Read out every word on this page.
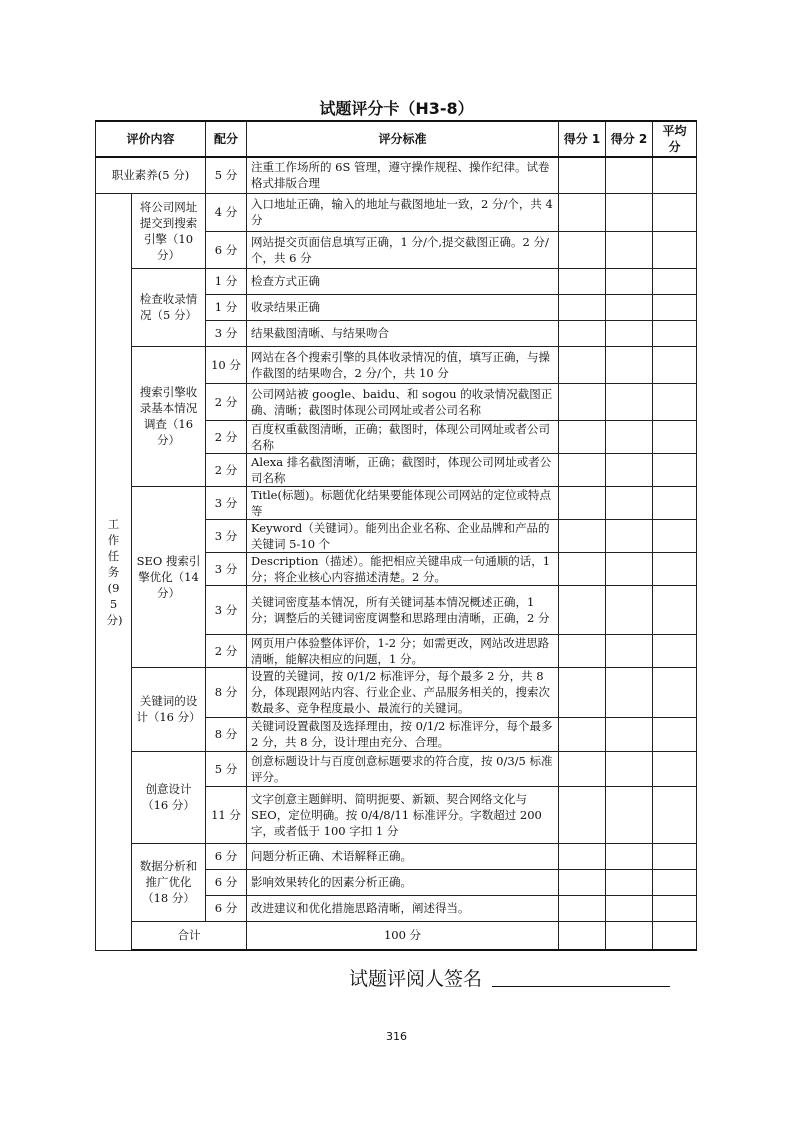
试题评分卡（H3-8）
评价内容		配分	评分标准	得分 1	得分 2	平均分	
职业素养(5 分)		5 分	注重工作场所的 6S 管理，遵守操作规程、操作纪律。试卷格式排版合理				
工作任务(95分)	将公司网址提交到搜索引擎（10 分）	4 分	入口地址正确，输入的地址与截图地址一致，2 分/个，共 4 分				
		6 分	网站提交页面信息填写正确，1 分/个,提交截图正确。2 分/个，共 6 分				
	检查收录情况（5 分）	1 分	检查方式正确				
		1 分	收录结果正确				
		3 分	结果截图清晰、与结果吻合				
	搜索引擎收录基本情况调查（16 分）	10 分	网站在各个搜索引擎的具体收录情况的值，填写正确，与操作截图的结果吻合，2 分/个，共 10 分				
		2 分	公司网站被 google、baidu、和 sogou 的收录情况截图正确、清晰；截图时体现公司网址或者公司名称				
		2 分	百度权重截图清晰，正确；截图时，体现公司网址或者公司名称				
		2 分	Alexa 排名截图清晰，正确；截图时，体现公司网址或者公司名称				
	SEO 搜索引擎优化（14 分）	3 分	Title(标题)。标题优化结果要能体现公司网站的定位或特点等				
		3 分	Keyword（关键词）。能列出企业名称、企业品牌和产品的关键词 5-10 个				
		3 分	Description（描述）。能把相应关键串成一句通顺的话，1 分；将企业核心内容描述清楚。2 分。				
		3 分	关键词密度基本情况，所有关键词基本情况概述正确，1 分；调整后的关键词密度调整和思路理由清晰，正确，2 分				
		2 分	网页用户体验整体评价，1-2 分；如需更改，网站改进思路清晰，能解决相应的问题，1 分。				
	关键词的设计（16 分）	8 分	设置的关键词，按 0/1/2 标准评分，每个最多 2 分，共 8 分，体现跟网站内容、行业企业、产品服务相关的，搜索次数最多、竞争程度最小、最流行的关键词。				
		8 分	关键词设置截图及选择理由，按 0/1/2 标准评分，每个最多 2 分，共 8 分，设计理由充分、合理。				
	创意设计（16 分）	5 分	创意标题设计与百度创意标题要求的符合度，按 0/3/5 标准评分。				
		11 分	文字创意主题鲜明、简明扼要、新颖、契合网络文化与SEO，定位明确。按 0/4/8/11 标准评分。字数超过 200 字，或者低于 100 字扣 1 分				
	数据分析和推广优化（18 分）	6 分	问题分析正确、术语解释正确。				
		6 分	影响效果转化的因素分析正确。				
		6 分	改进建议和优化措施思路清晰，阐述得当。				

	合计		100 分				
试题评阅人签名
316
